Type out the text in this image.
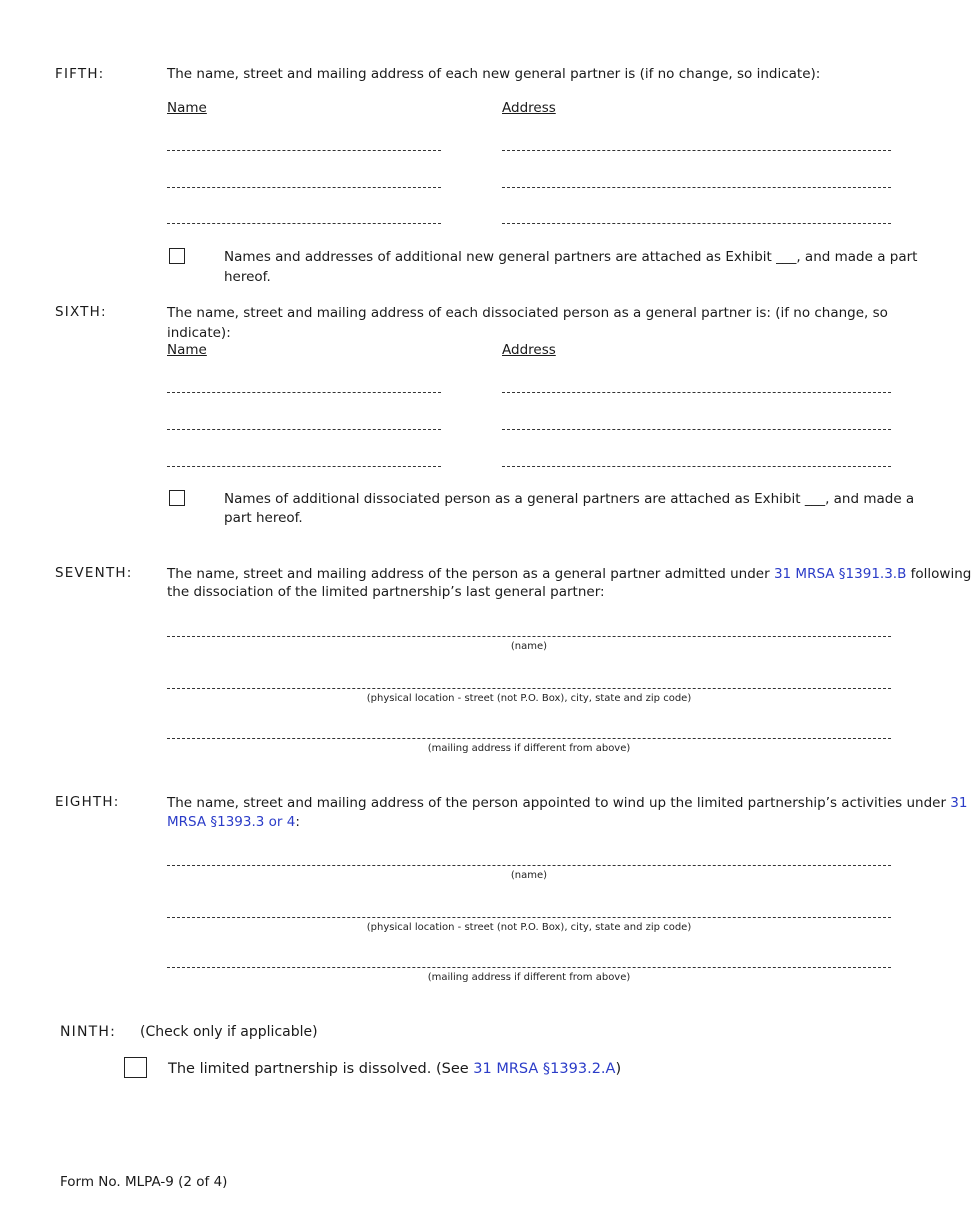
FIFTH:	The name, street and mailing address of each new general partner is (if no change, so indicate):
Name	Address
Names and addresses of additional new general partners are attached as Exhibit ___, and made a part hereof.
SIXTH:	The name, street and mailing address of each dissociated person as a general partner is: (if no change, so indicate):
Name	Address
Names of additional dissociated person as a general partners are attached as Exhibit ___, and made a
part hereof.
SEVENTH:	The name, street and mailing address of the person as a general partner admitted under 31 MRSA §1391.3.B following
the dissociation of the limited partnership’s last general partner:
(name)
(physical location - street (not P.O. Box), city, state and zip code)
(mailing address if different from above)
EIGHTH:	The name, street and mailing address of the person appointed to wind up the limited partnership’s activities under 31
MRSA §1393.3 or 4:
(name)
(physical location - street (not P.O. Box), city, state and zip code)
(mailing address if different from above)
NINTH: (Check only if applicable)
The limited partnership is dissolved. (See 31 MRSA §1393.2.A)
Form No. MLPA-9 (2 of 4)
